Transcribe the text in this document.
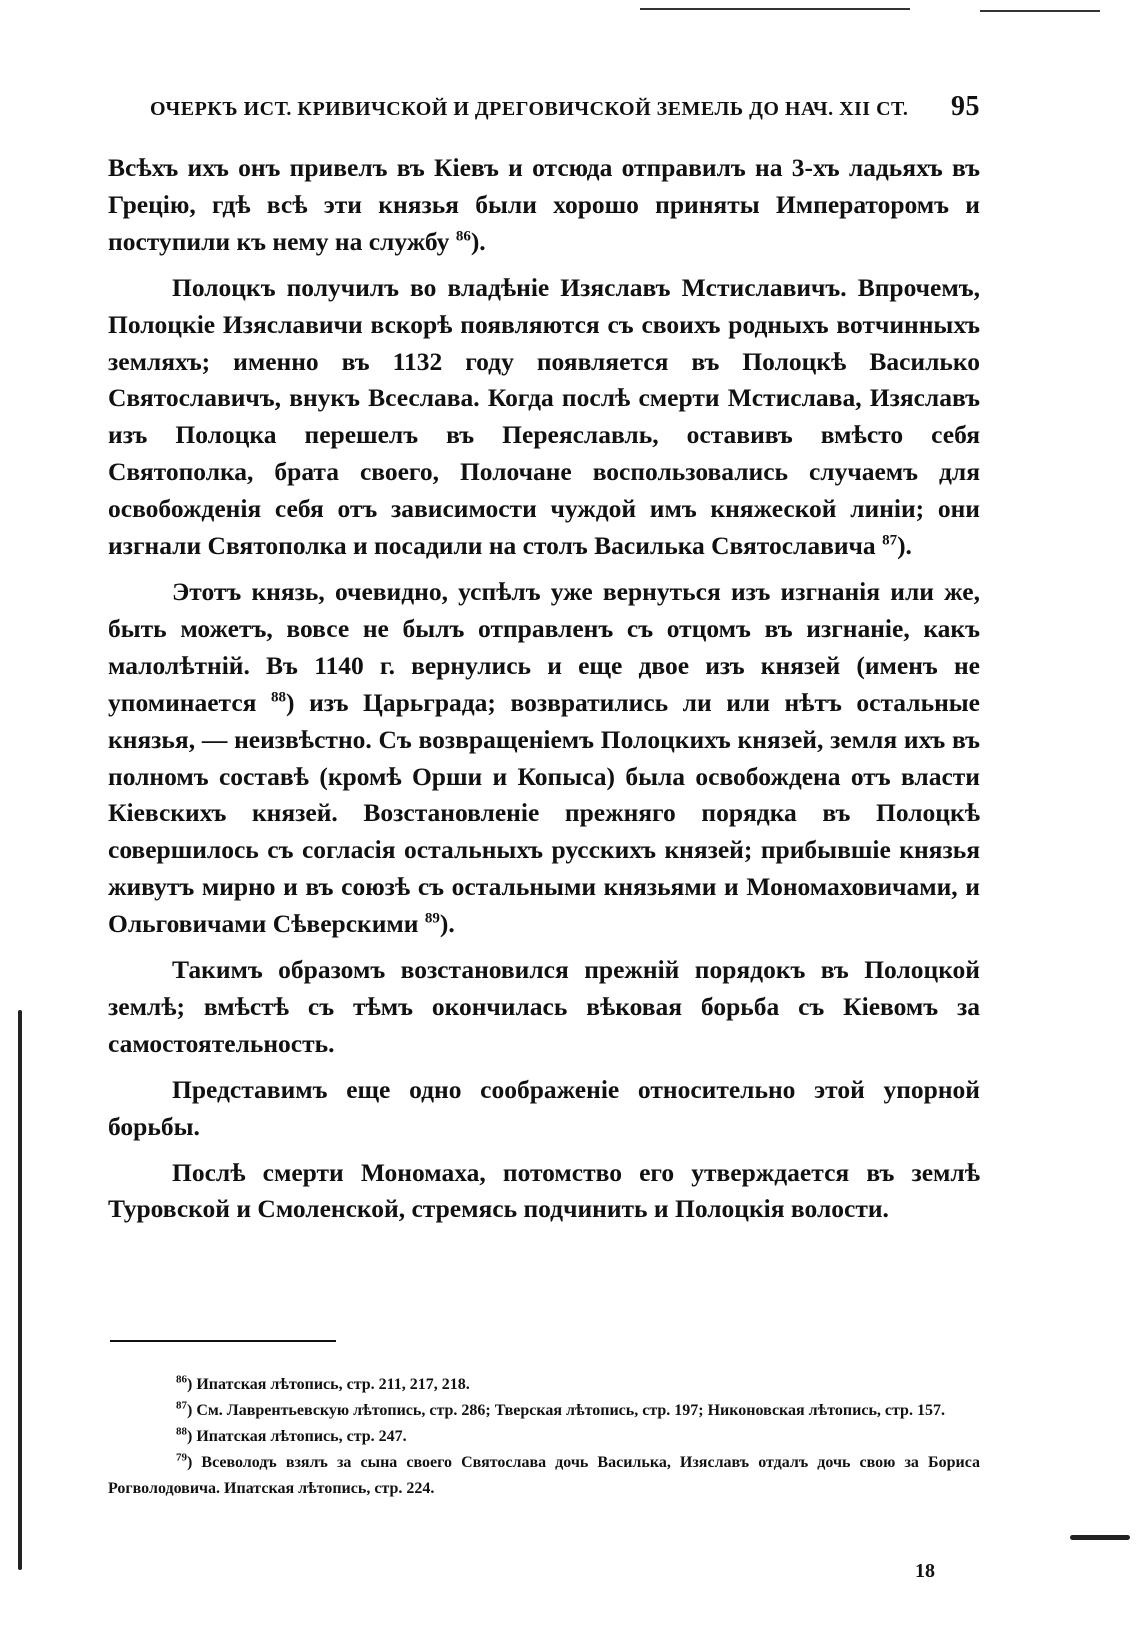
ОЧЕРКЪ ИСТ. КРИВИЧСКОЙ И ДРЕГОВИЧСКОЙ ЗЕМЕЛЬ ДО НАЧ. XII СТ. 95

Всѣхъ ихъ онъ привелъ въ Кіевъ и отсюда отправилъ на 3-хъ ладьяхъ въ Грецію, гдѣ всѣ эти князья были хорошо приняты Императоромъ и поступили къ нему на службу $^{86}$).

Полоцкъ получилъ во владѣніе Изяславъ Мстиславичъ. Впрочемъ, Полоцкіе Изяславичи вскорѣ появляются съ своихъ родныхъ вотчинныхъ земляхъ; именно въ 1132 году появляется въ Полоцкѣ Василько Святославичъ, внукъ Всеслава. Когда послѣ смерти Мстислава, Изяславъ изъ Полоцка перешелъ въ Переяславль, оставивъ вмѣсто себя Святополка, брата своего, Полочане воспользовались случаемъ для освобожденія себя отъ зависимости чуждой имъ княжеской линіи; они изгнали Святополка и посадили на столъ Василька Святославича $^{87}$).

Этотъ князь, очевидно, успѣлъ уже вернуться изъ изгнанія или же, быть можетъ, вовсе не былъ отправленъ съ отцомъ въ изгнаніе, какъ малолѣтній. Въ 1140 г. вернулись и еще двое изъ князей (именъ не упоминается $^{88}$) изъ Царьграда; возвратились ли или нѣтъ остальные князья, — неизвѣстно. Съ возвращеніемъ Полоцкихъ князей, земля ихъ въ полномъ составѣ (кромѣ Орши и Копыса) была освобождена отъ власти Кіевскихъ князей. Возстановленіе прежняго порядка въ Полоцкѣ совершилось съ согласія остальныхъ русскихъ князей; прибывшіе князья живутъ мирно и въ союзѣ съ остальными князьями и Мономаховичами, и Ольговичами Сѣверскими $^{89}$).

Такимъ образомъ возстановился прежній порядокъ въ Полоцкой землѣ; вмѣстѣ съ тѣмъ окончилась вѣковая борьба съ Кіевомъ за самостоятельность.

Представимъ еще одно соображеніе относительно этой упорной борьбы.

Послѣ смерти Мономаха, потомство его утверждается въ землѣ Туровской и Смоленской, стремясь подчинить и Полоцкія волости.

$^{86}$) Ипатская лѣтопись, стр. 211, 217, 218.

$^{87}$) См. Лаврентьевскую лѣтопись, стр. 286; Тверская лѣтопись, стр. 197; Никоновская лѣтопись, стр. 157.

$^{88}$) Ипатская лѣтопись, стр. 247.

$^{79}$) Всеволодъ взялъ за сына своего Святослава дочь Василька, Изяславъ отдалъ дочь свою за Бориса Рогволодовича. Ипатская лѣтопись, стр. 224.

18
